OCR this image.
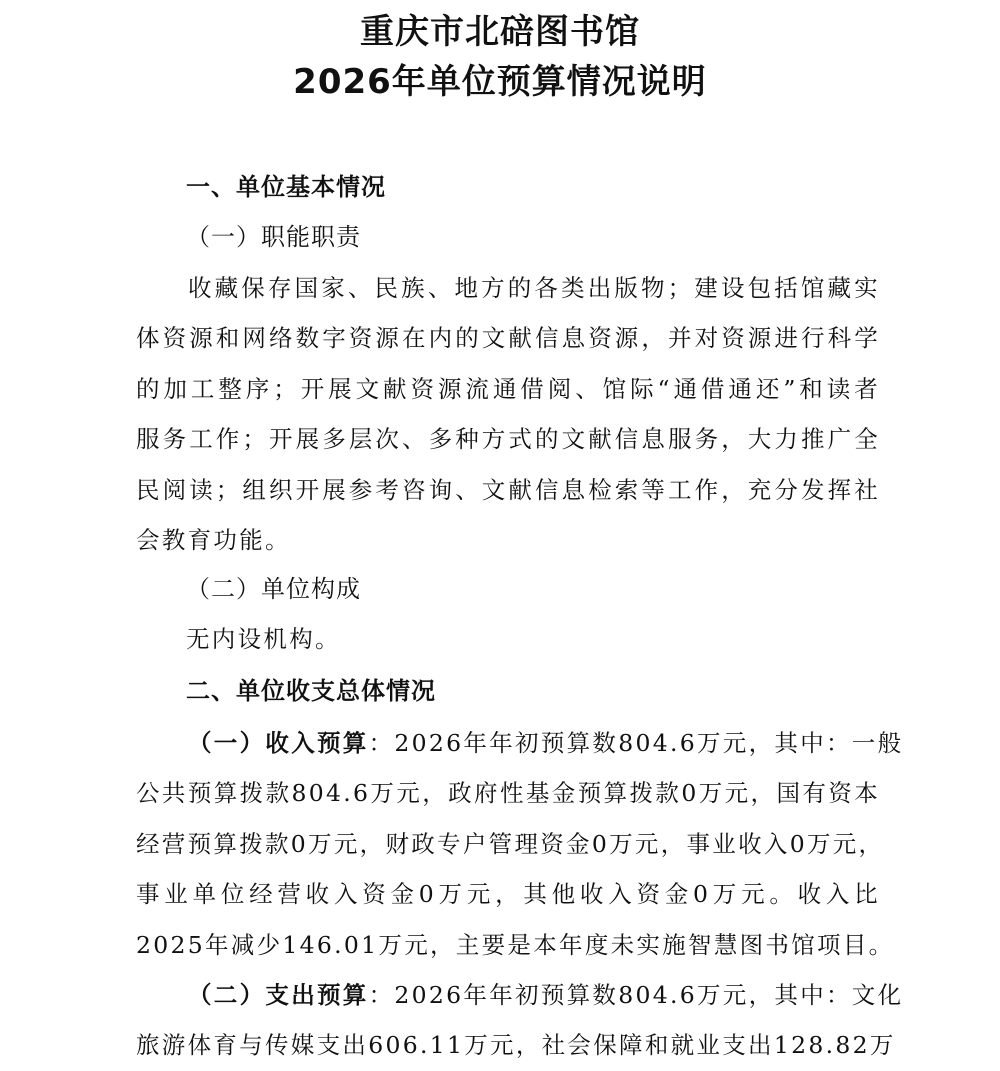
重庆市北碚图书馆
2026年单位预算情况说明
一、单位基本情况
（一）职能职责
收藏保存国家、民族、地方的各类出版物；建设包括馆藏实
体资源和网络数字资源在内的文献信息资源，并对资源进行科学
的加工整序；开展文献资源流通借阅、馆际“通借通还”和读者
服务工作；开展多层次、多种方式的文献信息服务，大力推广全
民阅读；组织开展参考咨询、文献信息检索等工作，充分发挥社
会教育功能。
（二）单位构成
无内设机构。
二、单位收支总体情况
（一）收入预算：2026年年初预算数804.6万元，其中：一般
公共预算拨款804.6万元，政府性基金预算拨款0万元，国有资本
经营预算拨款0万元，财政专户管理资金0万元，事业收入0万元，
事业单位经营收入资金0万元，其他收入资金0万元。收入比
2025年减少146.01万元，主要是本年度未实施智慧图书馆项目。
（二）支出预算：2026年年初预算数804.6万元，其中：文化
旅游体育与传媒支出606.11万元，社会保障和就业支出128.82万
